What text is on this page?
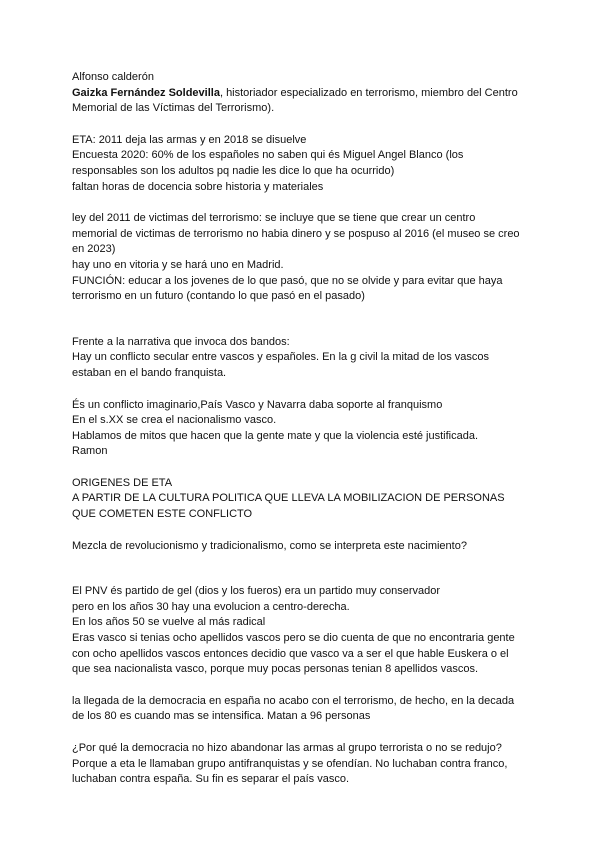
Alfonso calderón
Gaizka Fernández Soldevilla, historiador especializado en terrorismo, miembro del Centro
Memorial de las Víctimas del Terrorismo).
ETA: 2011 deja las armas y en 2018 se disuelve
Encuesta 2020: 60% de los españoles no saben qui és Miguel Angel Blanco (los
responsables son los adultos pq nadie les dice lo que ha ocurrido)
faltan horas de docencia sobre historia y materiales
ley del 2011 de victimas del terrorismo: se incluye que se tiene que crear un centro
memorial de victimas de terrorismo no habia dinero y se pospuso al 2016 (el museo se creo
en 2023)
hay uno en vitoria y se hará uno en Madrid.
FUNCIÓN: educar a los jovenes de lo que pasó, que no se olvide y para evitar que haya
terrorismo en un futuro (contando lo que pasó en el pasado)
Frente a la narrativa que invoca dos bandos:
Hay un conflicto secular entre vascos y españoles. En la g civil la mitad de los vascos
estaban en el bando franquista.
És un conflicto imaginario,País Vasco y Navarra daba soporte al franquismo
En el s.XX se crea el nacionalismo vasco.
Hablamos de mitos que hacen que la gente mate y que la violencia esté justificada.
Ramon
ORIGENES DE ETA
A PARTIR DE LA CULTURA POLITICA QUE LLEVA LA MOBILIZACION DE PERSONAS
QUE COMETEN ESTE CONFLICTO
Mezcla de revolucionismo y tradicionalismo, como se interpreta este nacimiento?
El PNV és partido de gel (dios y los fueros) era un partido muy conservador
pero en los años 30 hay una evolucion a centro-derecha.
En los años 50 se vuelve al más radical
Eras vasco si tenias ocho apellidos vascos pero se dio cuenta de que no encontraria gente
con ocho apellidos vascos entonces decidio que vasco va a ser el que hable Euskera o el
que sea nacionalista vasco, porque muy pocas personas tenian 8 apellidos vascos.
la llegada de la democracia en españa no acabo con el terrorismo, de hecho, en la decada
de los 80 es cuando mas se intensifica. Matan a 96 personas
¿Por qué la democracia no hizo abandonar las armas al grupo terrorista o no se redujo?
Porque a eta le llamaban grupo antifranquistas y se ofendían. No luchaban contra franco,
luchaban contra españa. Su fin es separar el país vasco.
